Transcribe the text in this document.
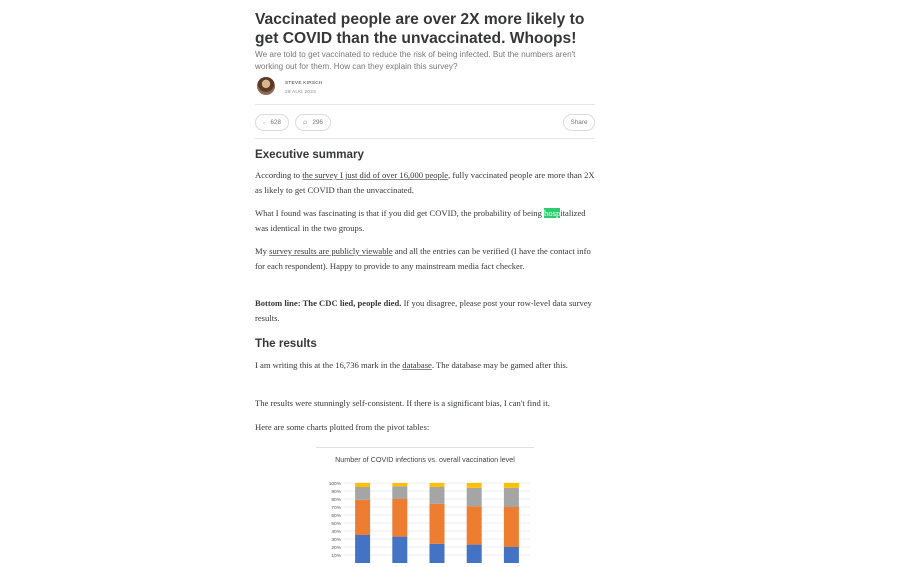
Vaccinated people are over 2X more likely to get COVID than the unvaccinated. Whoops!

We are told to get vaccinated to reduce the risk of being infected. But the numbers aren't working out for them. How can they explain this survey?

STEVE KIRSCH
28 AUG 2023
628	296	Share
Executive summary

According to the survey I just did of over 16,000 people, fully vaccinated people are more than 2X as likely to get COVID than the unvaccinated.

What I found was fascinating is that if you did get COVID, the probability of being hospitalized was identical in the two groups.

My survey results are publicly viewable and all the entries can be verified (I have the contact info for each respondent). Happy to provide to any mainstream media fact checker.

Bottom line: The CDC lied, people died. If you disagree, please post your row-level data survey results.

The results

I am writing this at the 16,736 mark in the database. The database may be gamed after this.

The results were stunningly self-consistent. If there is a significant bias, I can't find it.

Here are some charts plotted from the pivot tables:

Number of COVID infections vs. overall vaccination level
100%
90%
80%
70%
60%
50%
40%
30%
20%
10%
